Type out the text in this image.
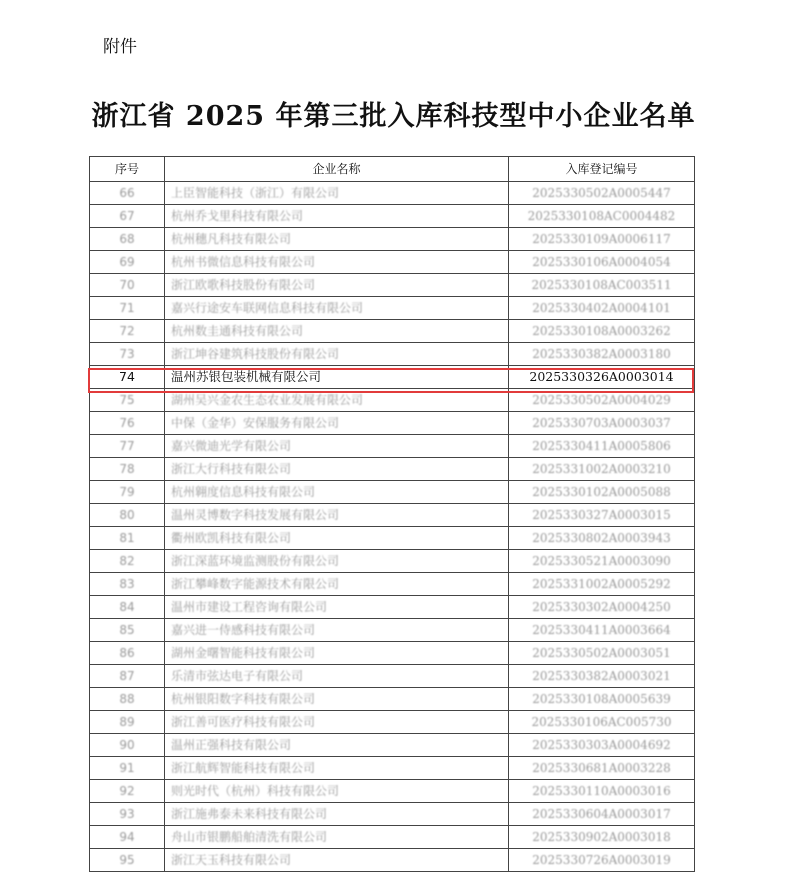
附件
浙江省 2025 年第三批入库科技型中小企业名单
序号	企业名称	入库登记编号
66	上臣智能科技（浙江）有限公司	2025330502A0005447
67	杭州乔戈里科技有限公司	2025330108AC0004482
68	杭州穗凡科技有限公司	2025330109A0006117
69	杭州书微信息科技有限公司	2025330106A0004054
70	浙江欧歌科技股份有限公司	2025330108AC003511
71	嘉兴行途安车联网信息科技有限公司	2025330402A0004101
72	杭州数圭通科技有限公司	2025330108A0003262
73	浙江坤谷建筑科技股份有限公司	2025330382A0003180
74	温州苏银包装机械有限公司	2025330326A0003014
75	湖州吴兴金农生态农业发展有限公司	2025330502A0004029
76	中保（金华）安保服务有限公司	2025330703A0003037
77	嘉兴微迪光学有限公司	2025330411A0005806
78	浙江大行科技有限公司	2025331002A0003210
79	杭州翱度信息科技有限公司	2025330102A0005088
80	温州灵博数字科技发展有限公司	2025330327A0003015
81	衢州欧凯科技有限公司	2025330802A0003943
82	浙江深蓝环境监测股份有限公司	2025330521A0003090
83	浙江攀峰数字能源技术有限公司	2025331002A0005292
84	温州市建设工程咨询有限公司	2025330302A0004250
85	嘉兴进一侍感科技有限公司	2025330411A0003664
86	湖州金曙智能科技有限公司	2025330502A0003051
87	乐清市弦达电子有限公司	2025330382A0003021
88	杭州银阳数字科技有限公司	2025330108A0005639
89	浙江善可医疗科技有限公司	2025330106AC005730
90	温州正强科技有限公司	2025330303A0004692
91	浙江航辉智能科技有限公司	2025330681A0003228
92	则光时代（杭州）科技有限公司	2025330110A0003016
93	浙江施弗泰未来科技有限公司	2025330604A0003017
94	舟山市银鹏船舶清洗有限公司	2025330902A0003018
95	浙江天玉科技有限公司	2025330726A0003019
